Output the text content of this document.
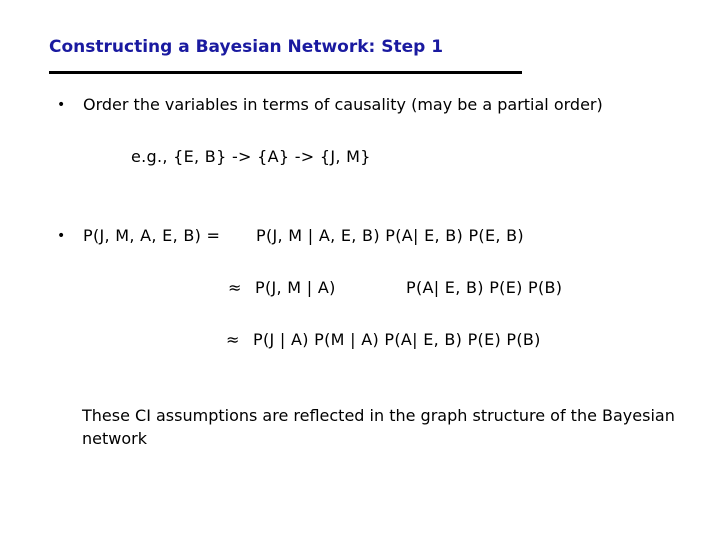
Constructing a Bayesian Network: Step 1
• Order the variables in terms of causality (may be a partial order)
e.g., {E, B} -> {A} -> {J, M}
• P(J, M, A, E, B) = P(J, M | A, E, B) P(A| E, B) P(E, B)
≈ P(J, M | A)	P(A| E, B) P(E) P(B)
≈ P(J | A) P(M | A) P(A| E, B) P(E) P(B)
These CI assumptions are reflected in the graph structure of the Bayesian network
